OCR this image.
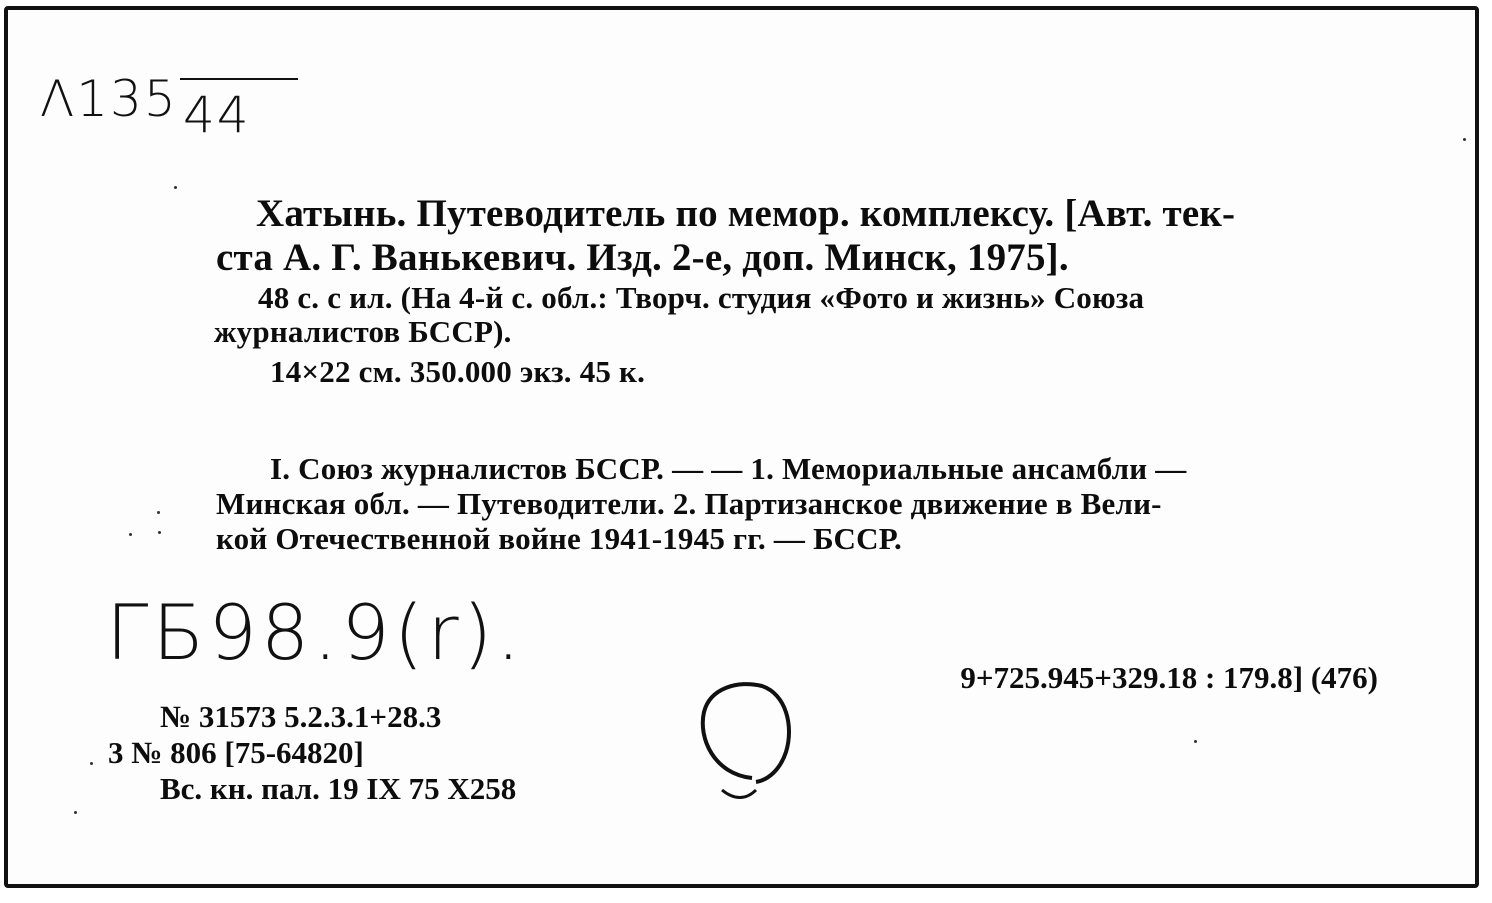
Λ135 44
Хатынь. Путеводитель по мемор. комплексу. [Авт. тек-
ста А. Г. Ванькевич. Изд. 2-е, доп. Минск, 1975].
48 с. с ил. (На 4-й с. обл.: Творч. студия «Фото и жизнь» Союза
журналистов БССР).
14×22 см. 350.000 экз. 45 к.
I. Союз журналистов БССР. — — 1. Мемориальные ансамбли —
Минская обл. — Путеводители. 2. Партизанское движение в Вели-
кой Отечественной войне 1941-1945 гг. — БССР.
ГБ98.9(r).
9+725.945+329.18 : 179.8] (476)
№ 31573 5.2.3.1+28.3
3 № 806 [75-64820]
Вс. кн. пал. 19 IX 75 X258
